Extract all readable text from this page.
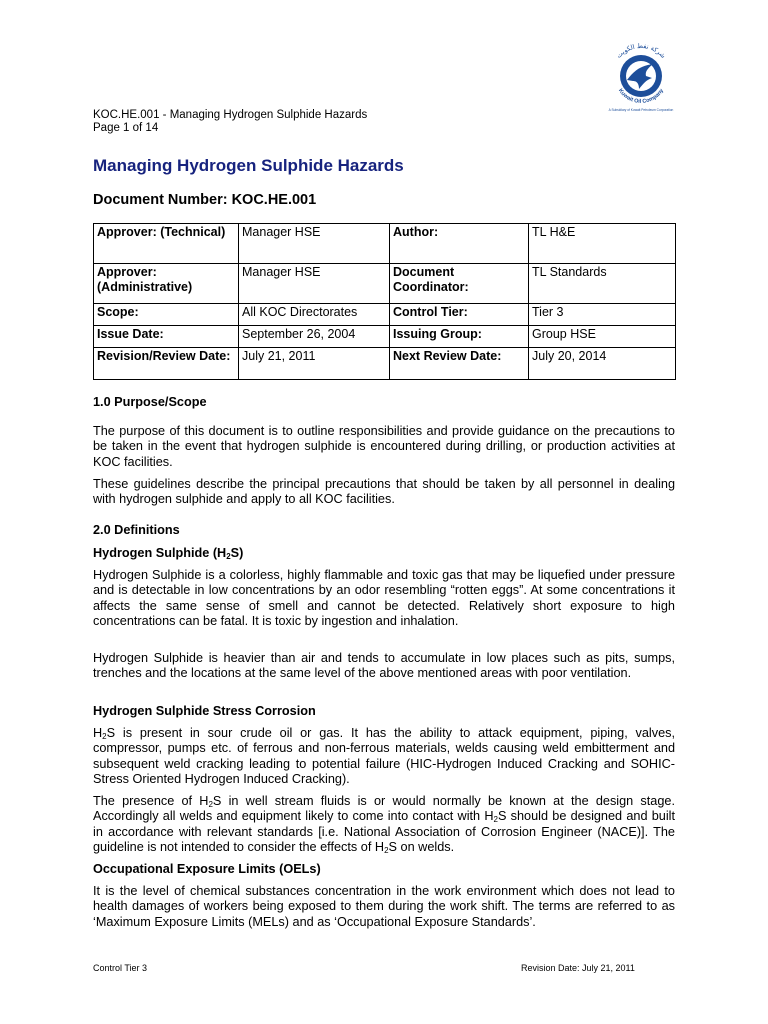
شركة نفط الكويت
Kuwait Oil Company
A Subsidiary of Kuwait Petroleum Corporation
KOC.HE.001 - Managing Hydrogen Sulphide Hazards
Page 1 of 14
Managing Hydrogen Sulphide Hazards
Document Number: KOC.HE.001
Approver: (Technical)	Manager HSE	Author:	TL H&E
Approver: (Administrative)	Manager HSE	Document Coordinator:	TL Standards
Scope:	All KOC Directorates	Control Tier:	Tier 3
Issue Date:	September 26, 2004	Issuing Group:	Group HSE
Revision/Review Date:	July 21, 2011	Next Review Date:	July 20, 2014
1.0 Purpose/Scope

The purpose of this document is to outline responsibilities and provide guidance on the precautions to be taken in the event that hydrogen sulphide is encountered during drilling, or production activities at KOC facilities.

These guidelines describe the principal precautions that should be taken by all personnel in dealing with hydrogen sulphide and apply to all KOC facilities.

2.0 Definitions
Hydrogen Sulphide $(H_2S)$

Hydrogen Sulphide is a colorless, highly flammable and toxic gas that may be liquefied under pressure and is detectable in low concentrations by an odor resembling “rotten eggs”. At some concentrations it affects the same sense of smell and cannot be detected. Relatively short exposure to high concentrations can be fatal. It is toxic by ingestion and inhalation.

Hydrogen Sulphide is heavier than air and tends to accumulate in low places such as pits, sumps, trenches and the locations at the same level of the above mentioned areas with poor ventilation.

Hydrogen Sulphide Stress Corrosion

$H_2S$ is present in sour crude oil or gas. It has the ability to attack equipment, piping, valves, compressor, pumps etc. of ferrous and non-ferrous materials, welds causing weld embitterment and subsequent weld cracking leading to potential failure (HIC-Hydrogen Induced Cracking and SOHIC-Stress Oriented Hydrogen Induced Cracking).

The presence of $H_2S$ in well stream fluids is or would normally be known at the design stage. Accordingly all welds and equipment likely to come into contact with $H_2S$ should be designed and built in accordance with relevant standards [i.e. National Association of Corrosion Engineer (NACE)]. The guideline is not intended to consider the effects of $H_2S$ on welds.

Occupational Exposure Limits (OELs)

It is the level of chemical substances concentration in the work environment which does not lead to health damages of workers being exposed to them during the work shift. The terms are referred to as ‘Maximum Exposure Limits (MELs) and as ‘Occupational Exposure Standards’.

Control Tier 3	Revision Date: July 21, 2011
